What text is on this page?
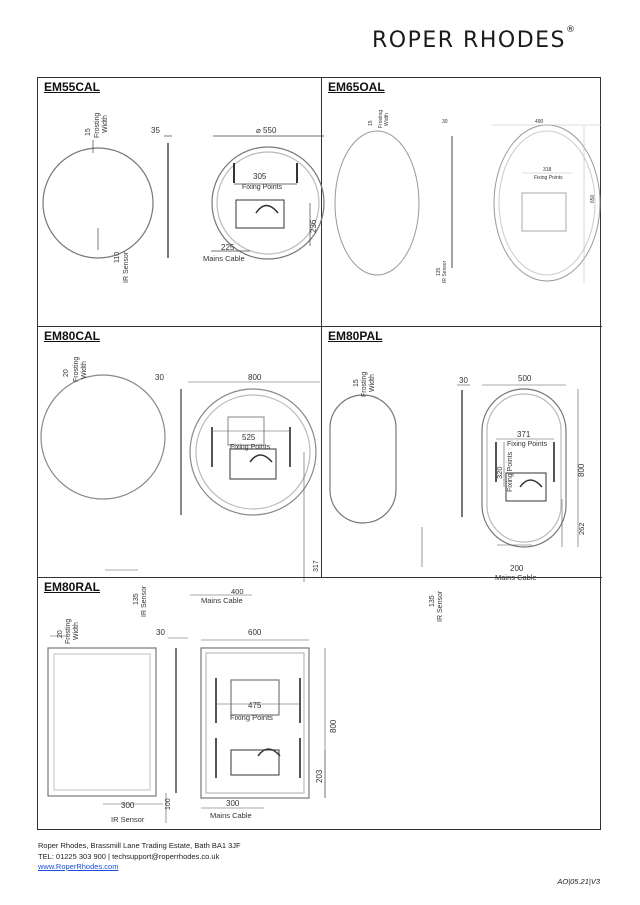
ROPER RHODES®
EM55CAL
15 Frosting Width	35	⌀ 550
305
Fixing Points
236
225
Mains Cable
110 IR Sensor
EM65OAL
15 Frosting Width	30	490
650
318
Fixing Points
135 IR Sensor
EM80CAL
20 Frosting Width	30	800
525
Fixing Points
317
400
Mains Cable
135 IR Sensor
EM80PAL
15 Frosting Width	30	500
800
371
Fixing Points
320 Fixing Points
262
200
Mains Cable
135 IR Sensor
EM80RAL
20 Frosting Width	30	600
800
475
Fixing Points
203
300
Mains Cable
300
IR Sensor
100
Roper Rhodes, Brassmill Lane Trading Estate, Bath BA1 3JF
TEL: 01225 303 900 | techsupport@roperrhodes.co.uk
www.RoperRhodes.com
AO|05.21|V3
